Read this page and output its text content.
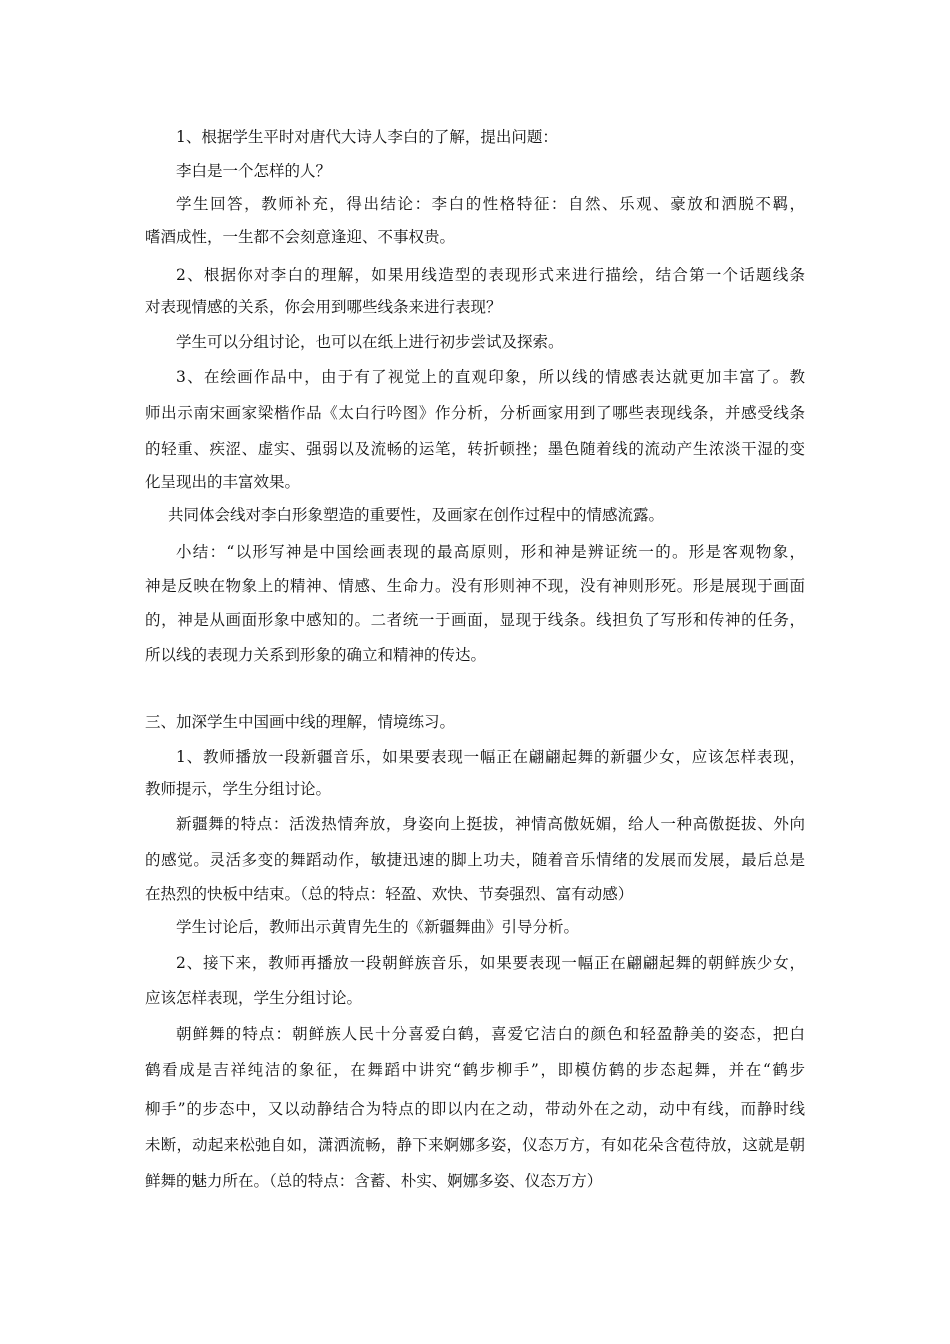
1、根据学生平时对唐代大诗人李白的了解，提出问题：
李白是一个怎样的人？
学生回答，教师补充，得出结论：李白的性格特征：自然、乐观、豪放和洒脱不羁，
嗜酒成性，一生都不会刻意逢迎、不事权贵。
2、根据你对李白的理解，如果用线造型的表现形式来进行描绘，结合第一个话题线条
对表现情感的关系，你会用到哪些线条来进行表现？
学生可以分组讨论，也可以在纸上进行初步尝试及探索。
3、在绘画作品中，由于有了视觉上的直观印象，所以线的情感表达就更加丰富了。教
师出示南宋画家梁楷作品《太白行吟图》作分析，分析画家用到了哪些表现线条，并感受线条
的轻重、疾涩、虚实、强弱以及流畅的运笔，转折顿挫；墨色随着线的流动产生浓淡干湿的变
化呈现出的丰富效果。
共同体会线对李白形象塑造的重要性，及画家在创作过程中的情感流露。
小结：“以形写神是中国绘画表现的最高原则，形和神是辨证统一的。形是客观物象，
神是反映在物象上的精神、情感、生命力。没有形则神不现，没有神则形死。形是展现于画面
的，神是从画面形象中感知的。二者统一于画面，显现于线条。线担负了写形和传神的任务，
所以线的表现力关系到形象的确立和精神的传达。
三、加深学生中国画中线的理解，情境练习。
1、教师播放一段新疆音乐，如果要表现一幅正在翩翩起舞的新疆少女，应该怎样表现，
教师提示，学生分组讨论。
新疆舞的特点：活泼热情奔放，身姿向上挺拔，神情高傲妩媚，给人一种高傲挺拔、外向
的感觉。灵活多变的舞蹈动作，敏捷迅速的脚上功夫，随着音乐情绪的发展而发展，最后总是
在热烈的快板中结束。（总的特点：轻盈、欢快、节奏强烈、富有动感）
学生讨论后，教师出示黄胄先生的《新疆舞曲》引导分析。
2、接下来，教师再播放一段朝鲜族音乐，如果要表现一幅正在翩翩起舞的朝鲜族少女，
应该怎样表现，学生分组讨论。
朝鲜舞的特点：朝鲜族人民十分喜爱白鹤，喜爱它洁白的颜色和轻盈静美的姿态，把白
鹤看成是吉祥纯洁的象征，在舞蹈中讲究“鹤步柳手”，即模仿鹤的步态起舞，并在“鹤步
柳手”的步态中，又以动静结合为特点的即以内在之动，带动外在之动，动中有线，而静时线
未断，动起来松弛自如，潇洒流畅，静下来婀娜多姿，仪态万方，有如花朵含苞待放，这就是朝
鲜舞的魅力所在。（总的特点：含蓄、朴实、婀娜多姿、仪态万方）
